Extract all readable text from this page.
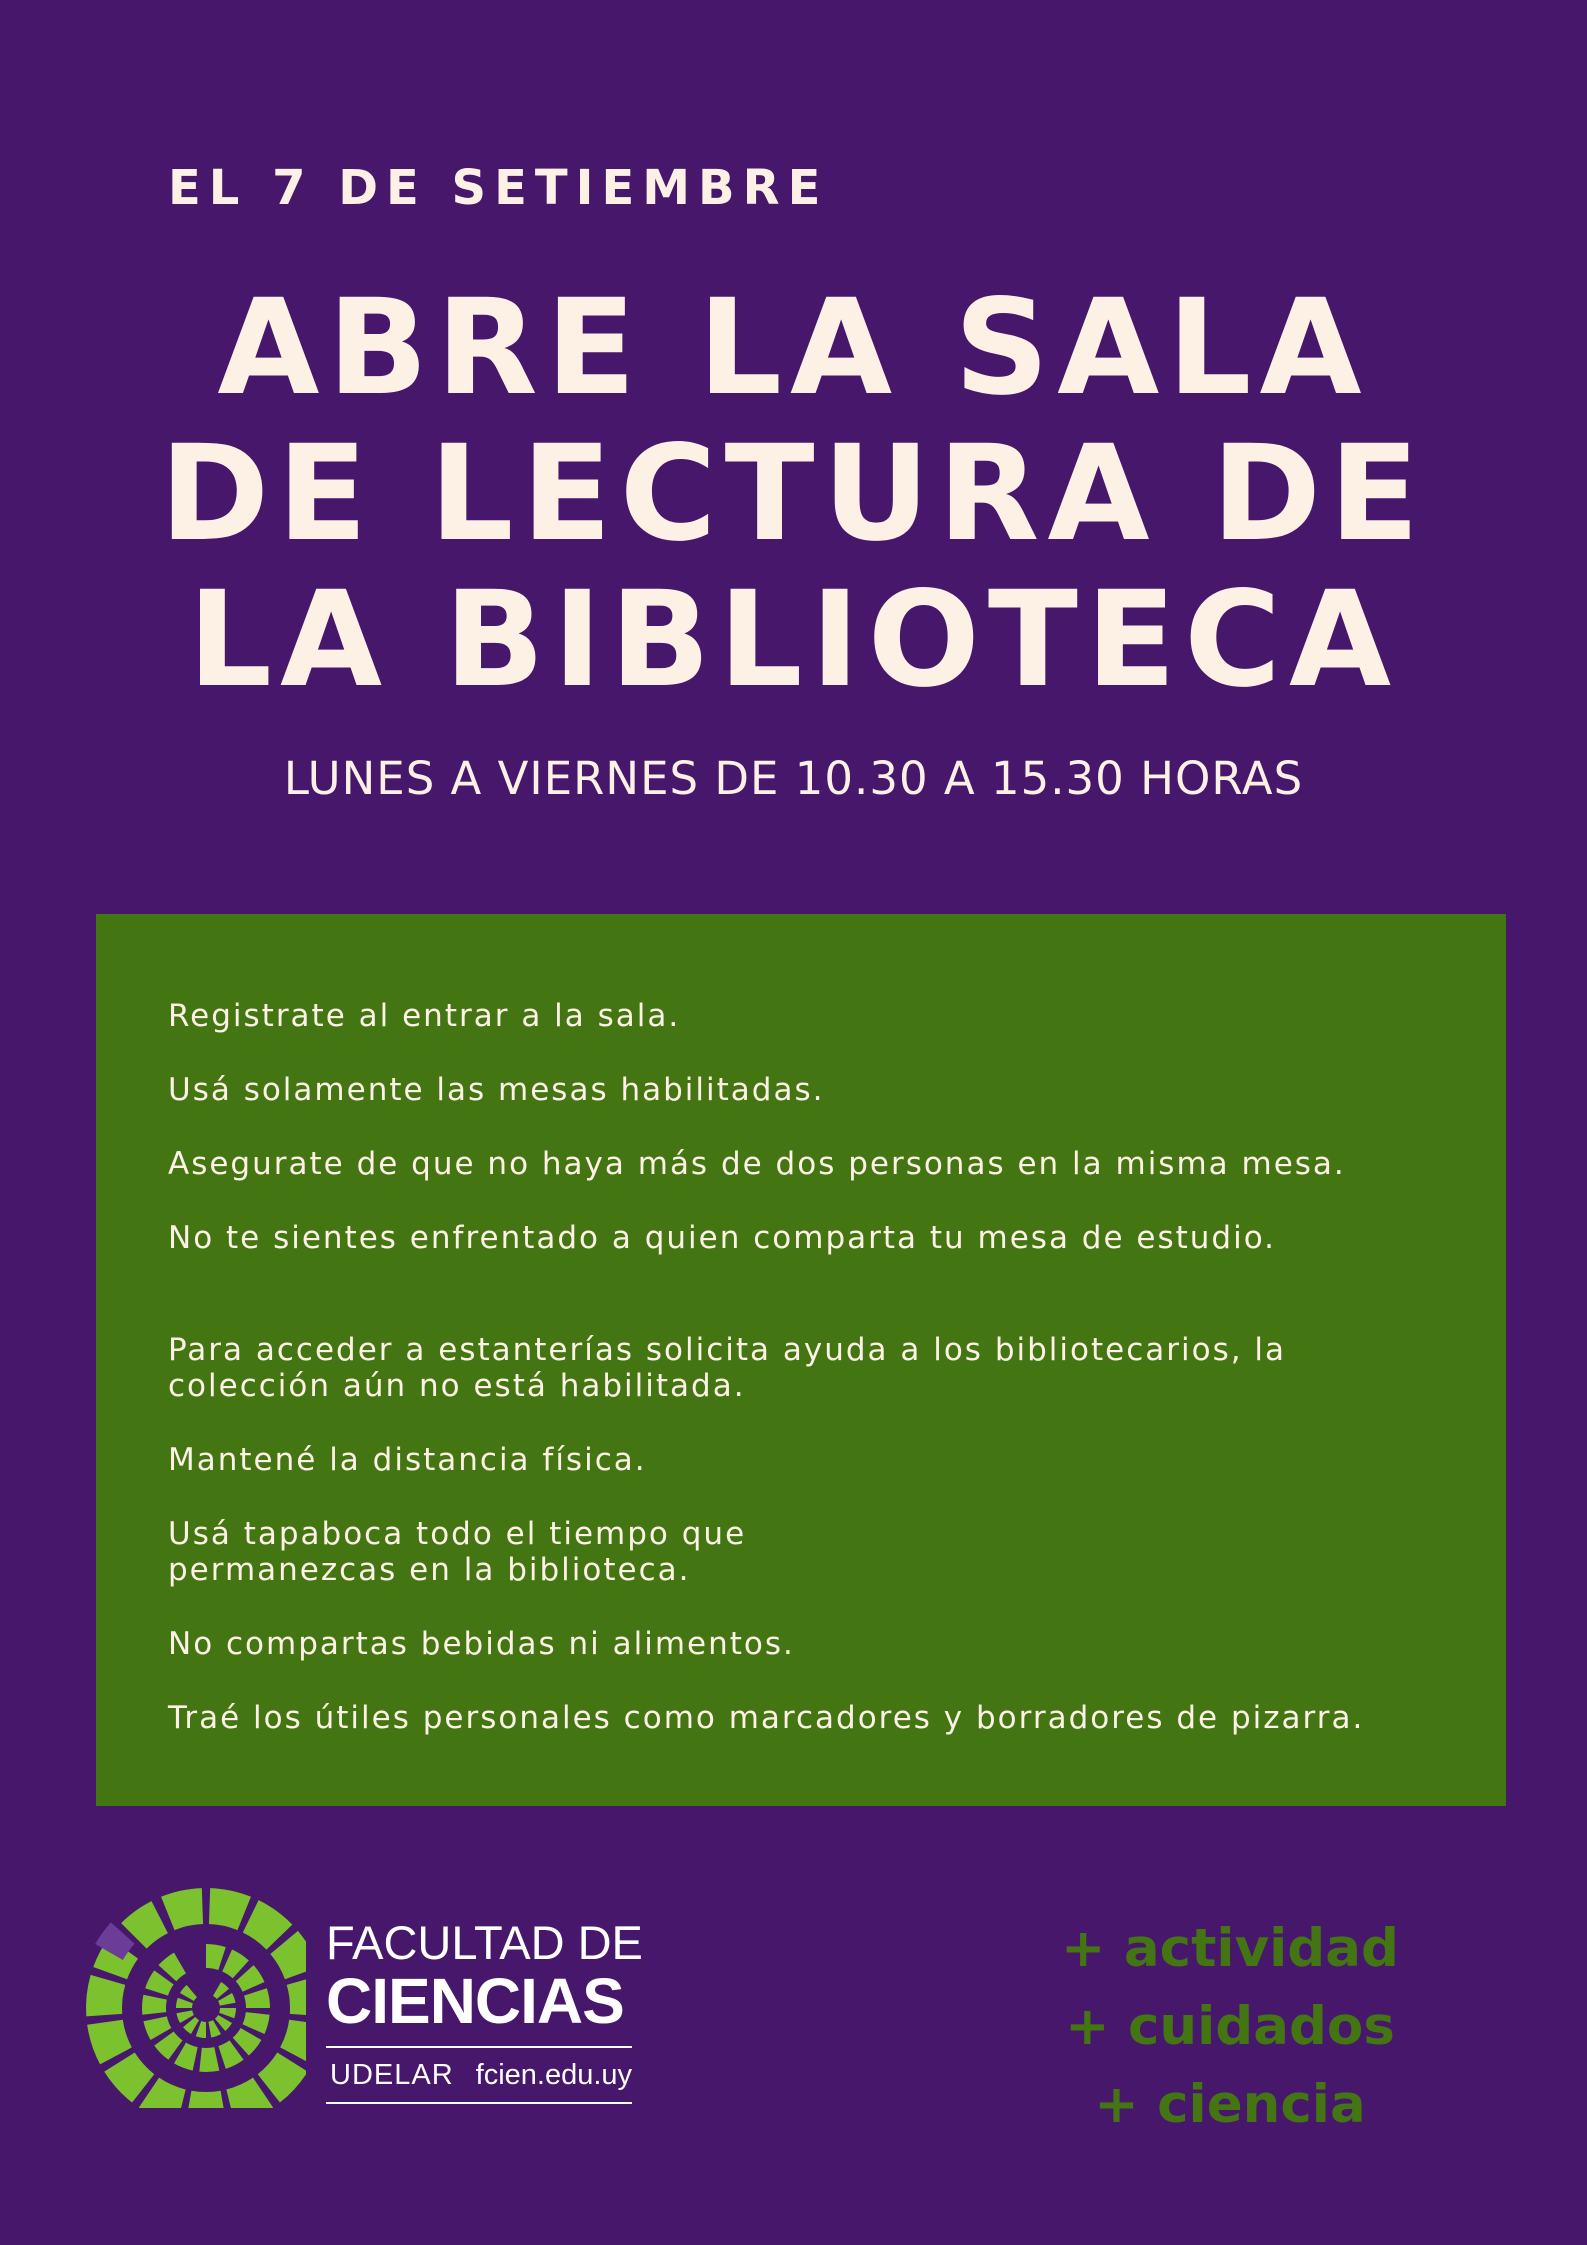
EL 7 DE SETIEMBRE
ABRE LA SALA
DE LECTURA DE
LA BIBLIOTECA
LUNES A VIERNES DE 10.30 A 15.30 HORAS
Registrate al entrar a la sala.
Usá solamente las mesas habilitadas.
Asegurate de que no haya más de dos personas en la misma mesa.
No te sientes enfrentado a quien comparta tu mesa de estudio.
Para acceder a estanterías solicita ayuda a los bibliotecarios, la
colección aún no está habilitada.
Mantené la distancia física.
Usá tapaboca todo el tiempo que
permanezcas en la biblioteca.
No compartas bebidas ni alimentos.
Traé los útiles personales como marcadores y borradores de pizarra.
FACULTAD DE
CIENCIAS
UDELAR fcien.edu.uy
+ actividad
+ cuidados
+ ciencia
